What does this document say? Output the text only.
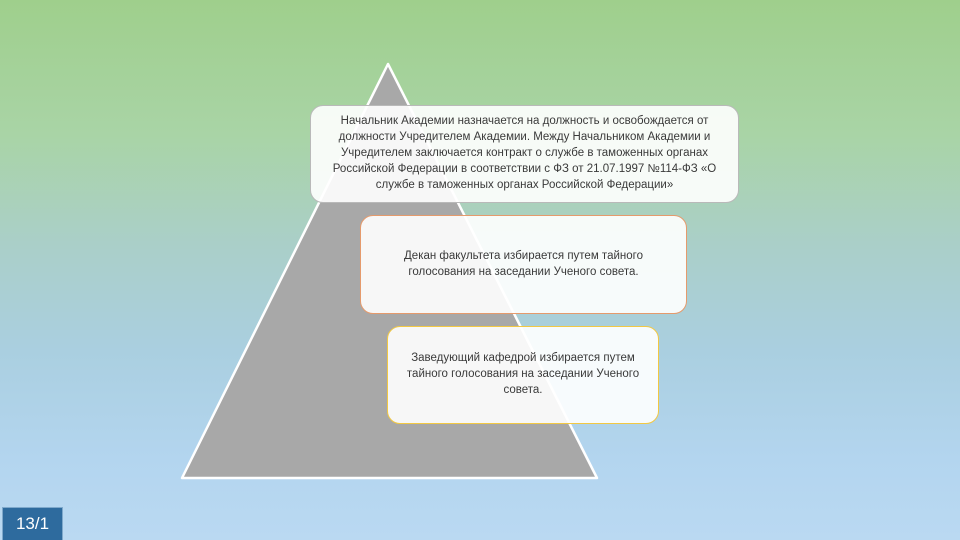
Начальник Академии назначается на должность и освобождается от должности Учредителем Академии. Между Начальником Академии и Учредителем заключается контракт о службе в таможенных органах Российской Федерации в соответствии с ФЗ от 21.07.1997 №114-ФЗ «О службе в таможенных органах Российской Федерации»
Декан факультета избирается путем тайного голосования на заседании Ученого совета.
Заведующий кафедрой избирается путем тайного голосования на заседании Ученого совета.
13/1
